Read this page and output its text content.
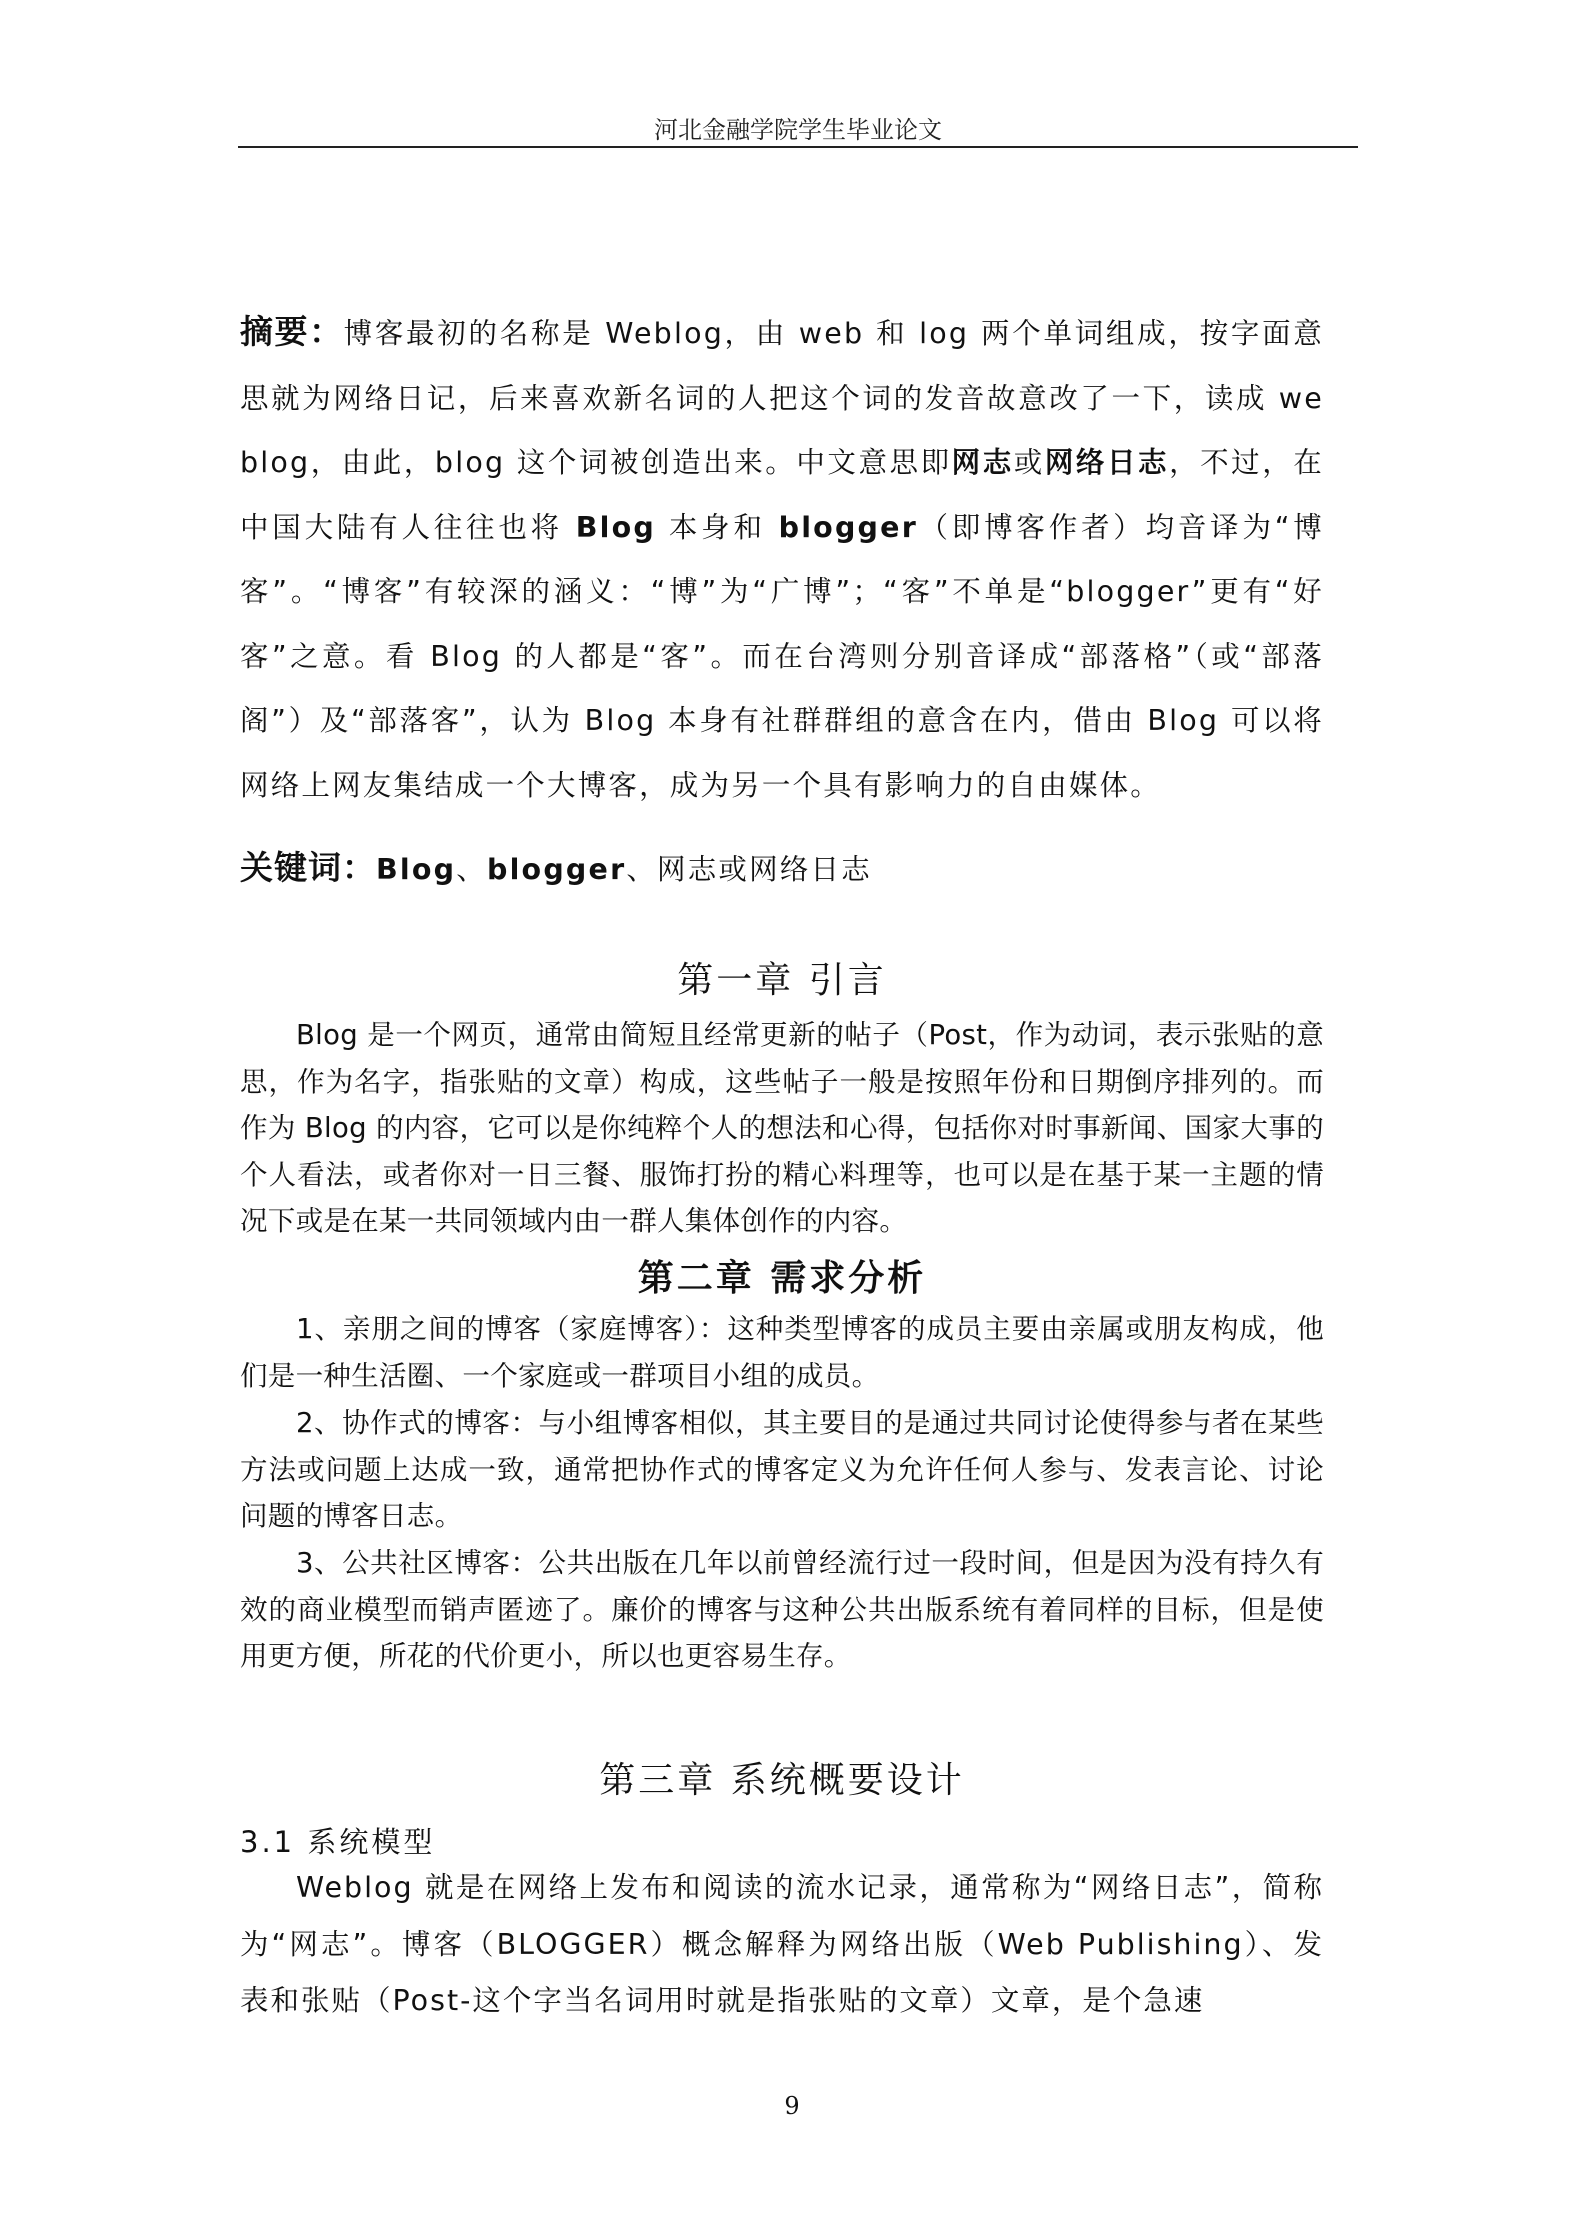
河北金融学院学生毕业论文

摘要：博客最初的名称是 Weblog，由 web 和 log 两个单词组成，按字面意思就为网络日记，后来喜欢新名词的人把这个词的发音故意改了一下，读成 we blog，由此，blog 这个词被创造出来。中文意思即网志或网络日志，不过，在中国大陆有人往往也将 Blog 本身和 blogger（即博客作者）均音译为“博客”。“博客”有较深的涵义：“博”为“广博”；“客”不单是“blogger”更有“好客”之意。看 Blog 的人都是“客”。而在台湾则分别音译成“部落格”（或“部落阁”）及“部落客”，认为 Blog 本身有社群群组的意含在内，借由 Blog 可以将网络上网友集结成一个大博客，成为另一个具有影响力的自由媒体。

关键词：Blog、blogger、网志或网络日志

第一章 引言

Blog 是一个网页，通常由简短且经常更新的帖子（Post，作为动词，表示张贴的意思，作为名字，指张贴的文章）构成，这些帖子一般是按照年份和日期倒序排列的。而作为 Blog 的内容，它可以是你纯粹个人的想法和心得，包括你对时事新闻、国家大事的个人看法，或者你对一日三餐、服饰打扮的精心料理等，也可以是在基于某一主题的情况下或是在某一共同领域内由一群人集体创作的内容。

第二章 需求分析

1、亲朋之间的博客（家庭博客）：这种类型博客的成员主要由亲属或朋友构成，他们是一种生活圈、一个家庭或一群项目小组的成员。

2、协作式的博客：与小组博客相似，其主要目的是通过共同讨论使得参与者在某些方法或问题上达成一致，通常把协作式的博客定义为允许任何人参与、发表言论、讨论问题的博客日志。

3、公共社区博客：公共出版在几年以前曾经流行过一段时间，但是因为没有持久有效的商业模型而销声匿迹了。廉价的博客与这种公共出版系统有着同样的目标，但是使用更方便，所花的代价更小，所以也更容易生存。

第三章 系统概要设计
3.1 系统模型

Weblog 就是在网络上发布和阅读的流水记录，通常称为“网络日志”，简称为“网志”。博客（BLOGGER）概念解释为网络出版（Web Publishing）、发表和张贴（Post-这个字当名词用时就是指张贴的文章）文章，是个急速

9
